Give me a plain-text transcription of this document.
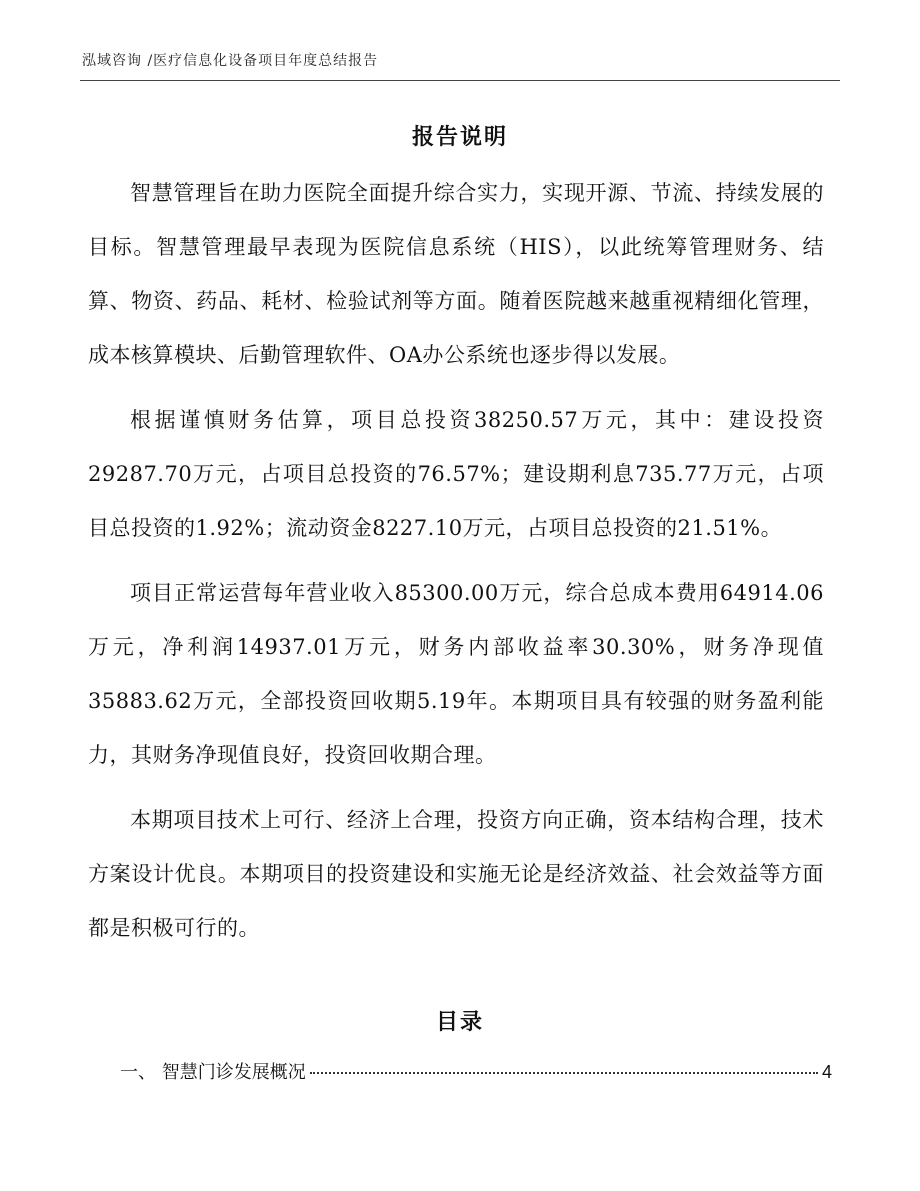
泓域咨询 /医疗信息化设备项目年度总结报告
报告说明

智慧管理旨在助力医院全面提升综合实力，实现开源、节流、持续发展的目标。智慧管理最早表现为医院信息系统（HIS），以此统筹管理财务、结算、物资、药品、耗材、检验试剂等方面。随着医院越来越重视精细化管理，成本核算模块、后勤管理软件、OA办公系统也逐步得以发展。

根据谨慎财务估算，项目总投资38250.57万元，其中：建设投资29287.70万元，占项目总投资的76.57%；建设期利息735.77万元，占项目总投资的1.92%；流动资金8227.10万元，占项目总投资的21.51%。

项目正常运营每年营业收入85300.00万元，综合总成本费用64914.06万元，净利润14937.01万元，财务内部收益率30.30%，财务净现值35883.62万元，全部投资回收期5.19年。本期项目具有较强的财务盈利能力，其财务净现值良好，投资回收期合理。

本期项目技术上可行、经济上合理，投资方向正确，资本结构合理，技术方案设计优良。本期项目的投资建设和实施无论是经济效益、社会效益等方面都是积极可行的。

目录
一、 智慧门诊发展概况	4
